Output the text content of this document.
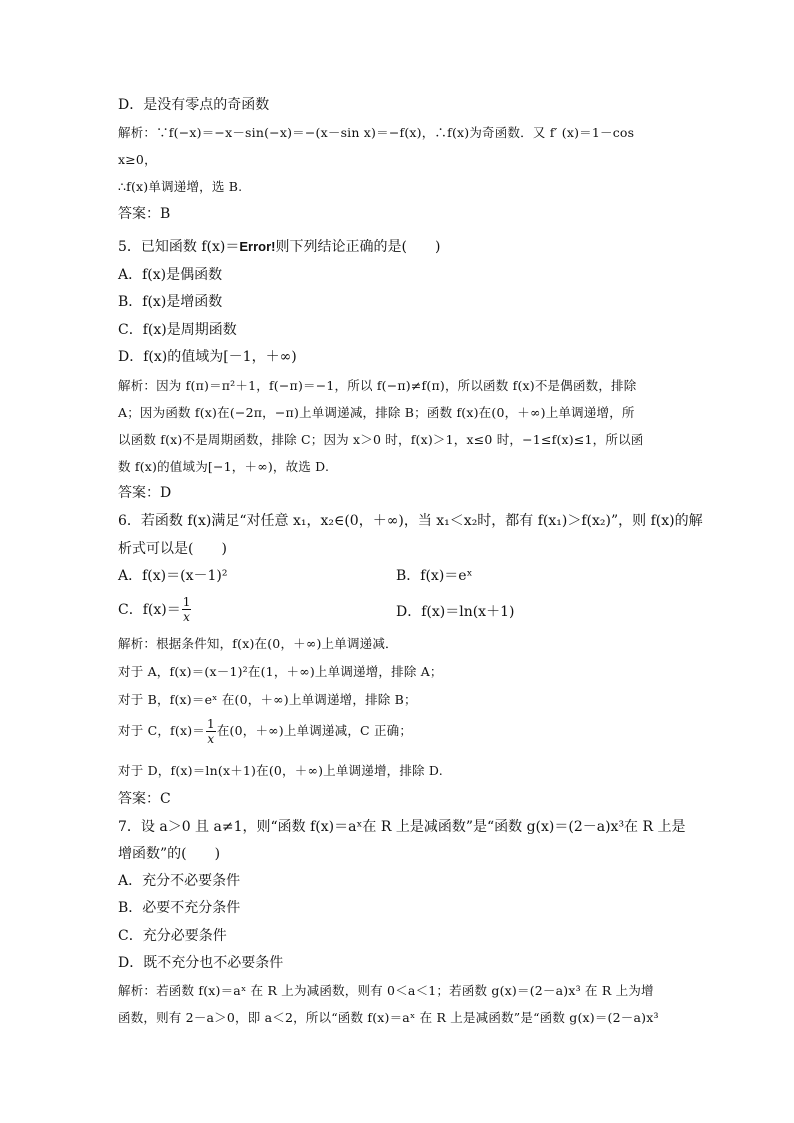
D．是没有零点的奇函数
解析：∵f(−x)＝−x－sin(−x)＝−(x－sin x)＝−f(x)，∴f(x)为奇函数．又 f′ (x)＝1－cos
x≥0，
∴f(x)单调递增，选 B.
答案：B
5．已知函数 f(x)＝Error!则下列结论正确的是(　　)
A．f(x)是偶函数
B．f(x)是增函数
C．f(x)是周期函数
D．f(x)的值域为[－1，＋∞)
解析：因为 f(π)＝π²＋1，f(−π)＝−1，所以 f(−π)≠f(π)，所以函数 f(x)不是偶函数，排除
A；因为函数 f(x)在(−2π，−π)上单调递减，排除 B；函数 f(x)在(0，＋∞)上单调递增，所
以函数 f(x)不是周期函数，排除 C；因为 x＞0 时，f(x)＞1，x≤0 时，−1≤f(x)≤1，所以函
数 f(x)的值域为[−1，＋∞)，故选 D.
答案：D
6．若函数 f(x)满足“对任意 x₁，x₂∈(0，＋∞)，当 x₁＜x₂时，都有 f(x₁)＞f(x₂)”，则 f(x)的解
析式可以是(　　)
A．f(x)＝(x－1)²	B．f(x)＝eˣ
C．$f(x)= \frac{1}{x}$	D．f(x)＝ln(x＋1)
解析：根据条件知，f(x)在(0，＋∞)上单调递减．
对于 A，f(x)＝(x－1)²在(1，＋∞)上单调递增，排除 A；
对于 B，f(x)＝eˣ 在(0，＋∞)上单调递增，排除 B；
对于 C，$f(x)= \frac{1}{x}$ 在(0，＋∞)上单调递减，C 正确；
对于 D，f(x)＝ln(x＋1)在(0，＋∞)上单调递增，排除 D.
答案：C
7．设 a＞0 且 a≠1，则“函数 f(x)＝aˣ在 R 上是减函数”是“函数 g(x)＝(2－a)x³在 R 上是
增函数”的(　　)
A．充分不必要条件
B．必要不充分条件
C．充分必要条件
D．既不充分也不必要条件
解析：若函数 f(x)＝aˣ 在 R 上为减函数，则有 0＜a＜1；若函数 g(x)＝(2－a)x³ 在 R 上为增
函数，则有 2－a＞0，即 a＜2，所以“函数 f(x)＝aˣ 在 R 上是减函数”是“函数 g(x)＝(2－a)x³
